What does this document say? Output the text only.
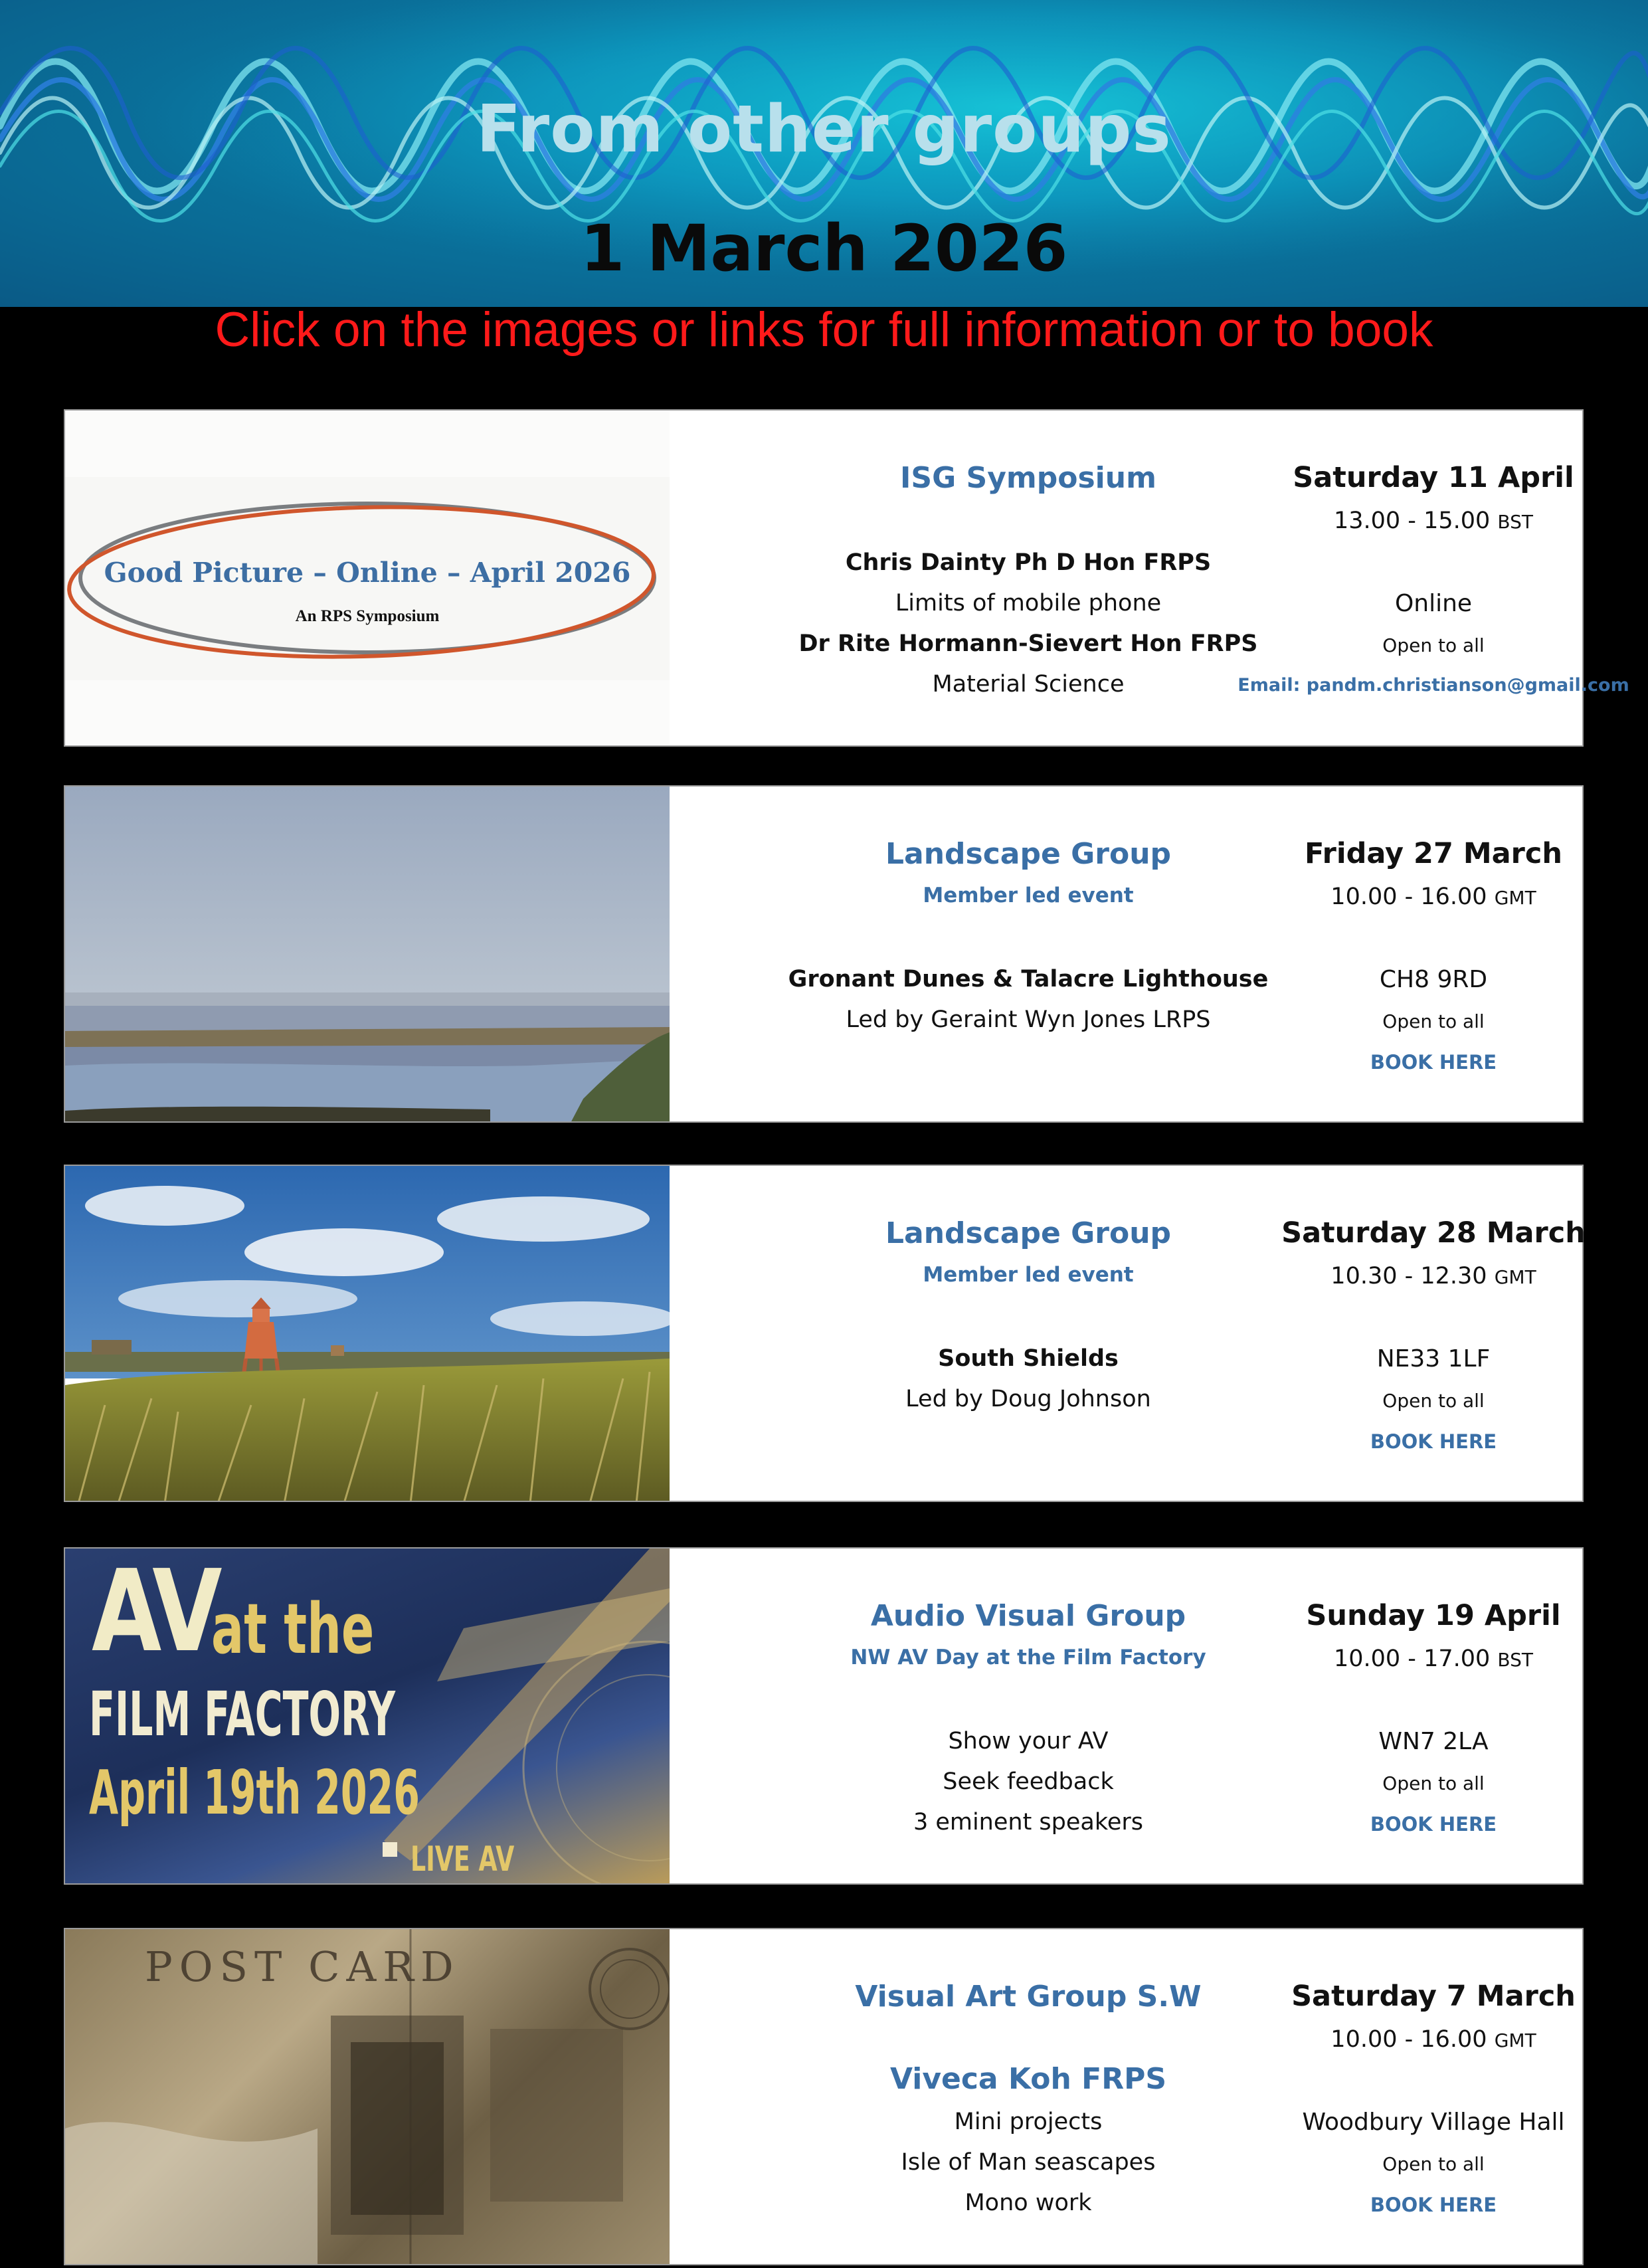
From other groups
1 March 2026
Click on the images or links for full information or to book
Good Picture – Online – April 2026
An RPS Symposium
ISG Symposium
Chris Dainty Ph D Hon FRPS
Limits of mobile phone
Dr Rite Hormann-Sievert Hon FRPS
Material Science
Saturday 11 April
13.00 - 15.00 BST
Online
Open to all
Email: pandm.christianson@gmail.com
Landscape Group
Member led event
Gronant Dunes & Talacre Lighthouse
Led by Geraint Wyn Jones LRPS
Friday 27 March
10.00 - 16.00 GMT
CH8 9RD
Open to all
BOOK HERE
Landscape Group
Member led event
South Shields
Led by Doug Johnson
Saturday 28 March
10.30 - 12.30 GMT
NE33 1LF
Open to all
BOOK HERE
AV
at the
FILM FACTORY
April 19th 2026
LIVE AV
Audio Visual Group
NW AV Day at the Film Factory
Show your AV
Seek feedback
3 eminent speakers
Sunday 19 April
10.00 - 17.00 BST
WN7 2LA
Open to all
BOOK HERE
POST CARD
Visual Art Group S.W
Viveca Koh FRPS
Mini projects
Isle of Man seascapes
Mono work
Saturday 7 March
10.00 - 16.00 GMT
Woodbury Village Hall
Open to all
BOOK HERE
